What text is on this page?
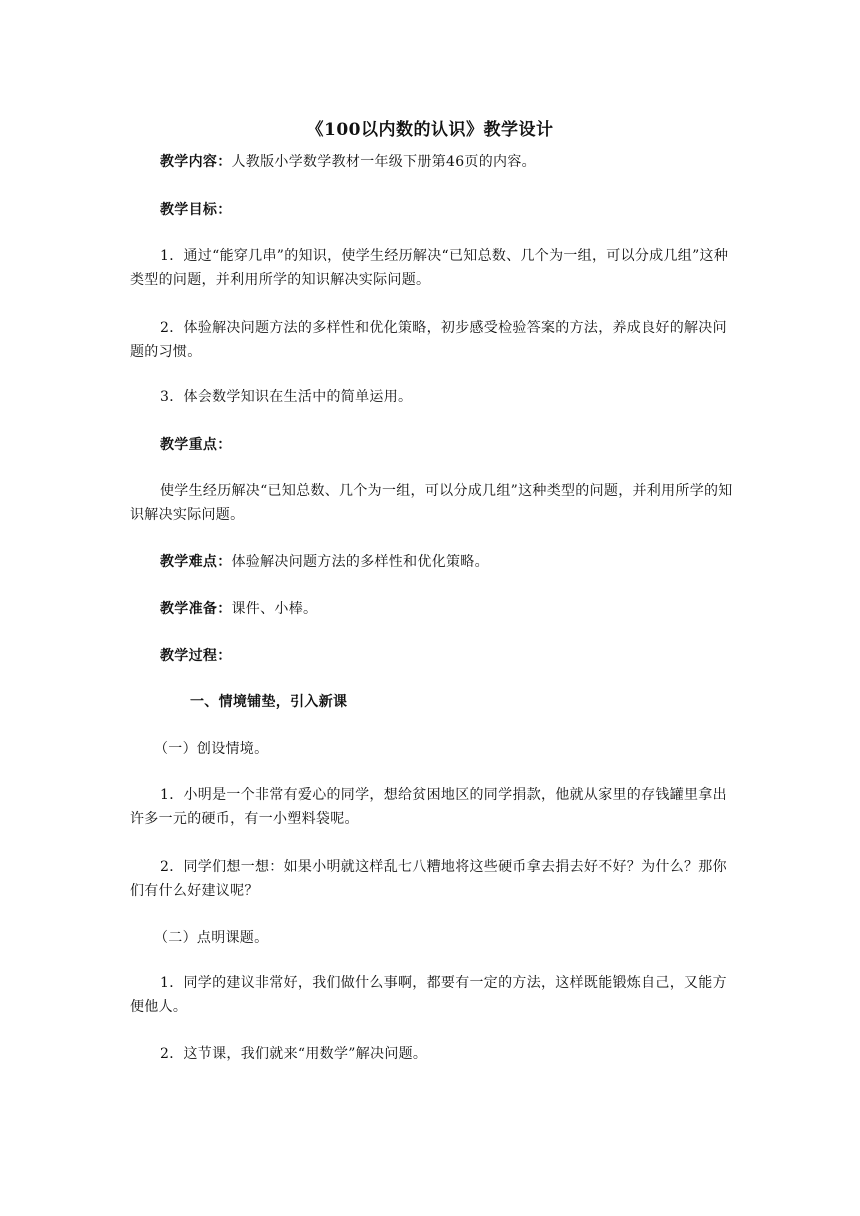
《100以内数的认识》教学设计
教学内容：人教版小学数学教材一年级下册第46页的内容。
教学目标：
1．通过“能穿几串”的知识，使学生经历解决“已知总数、几个为一组，可以分成几组”这种类型的问题，并利用所学的知识解决实际问题。
2．体验解决问题方法的多样性和优化策略，初步感受检验答案的方法，养成良好的解决问题的习惯。
3．体会数学知识在生活中的简单运用。
教学重点：
使学生经历解决“已知总数、几个为一组，可以分成几组”这种类型的问题，并利用所学的知识解决实际问题。
教学难点：体验解决问题方法的多样性和优化策略。
教学准备：课件、小棒。
教学过程：
一、情境铺垫，引入新课
（一）创设情境。
1．小明是一个非常有爱心的同学，想给贫困地区的同学捐款，他就从家里的存钱罐里拿出许多一元的硬币，有一小塑料袋呢。
2．同学们想一想：如果小明就这样乱七八糟地将这些硬币拿去捐去好不好？为什么？那你们有什么好建议呢？
（二）点明课题。
1．同学的建议非常好，我们做什么事啊，都要有一定的方法，这样既能锻炼自己，又能方便他人。
2．这节课，我们就来“用数学”解决问题。
